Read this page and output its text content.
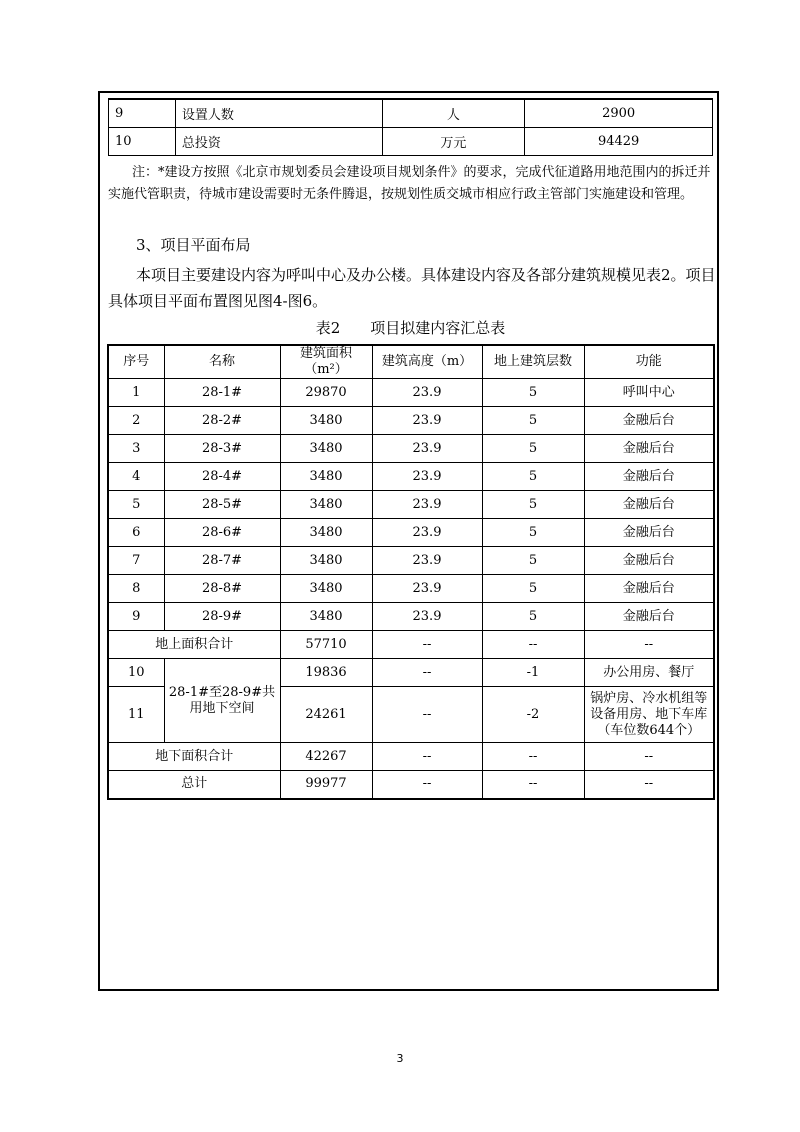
9	设置人数	人	2900
10	总投资	万元	94429

注：*建设方按照《北京市规划委员会建设项目规划条件》的要求，完成代征道路用地范围内的拆迁并实施代管职责，待城市建设需要时无条件腾退，按规划性质交城市相应行政主管部门实施建设和管理。

3、项目平面布局

本项目主要建设内容为呼叫中心及办公楼。具体建设内容及各部分建筑规模见表2。项目具体项目平面布置图见图4-图6。

表2 项目拟建内容汇总表

序号	名称	建筑面积（m²）	建筑高度（m）	地上建筑层数	功能
1	28-1#	29870	23.9	5	呼叫中心
2	28-2#	3480	23.9	5	金融后台
3	28-3#	3480	23.9	5	金融后台
4	28-4#	3480	23.9	5	金融后台
5	28-5#	3480	23.9	5	金融后台
6	28-6#	3480	23.9	5	金融后台
7	28-7#	3480	23.9	5	金融后台
8	28-8#	3480	23.9	5	金融后台
9	28-9#	3480	23.9	5	金融后台
地上面积合计		57710	--	--	--
10	28-1#至28-9#共用地下空间	19836	--	-1	办公用房、餐厅
11		24261	--	-2	锅炉房、冷水机组等设备用房、地下车库（车位数644个）
地下面积合计		42267	--	--	--
总计		99977	--	--	--
3
